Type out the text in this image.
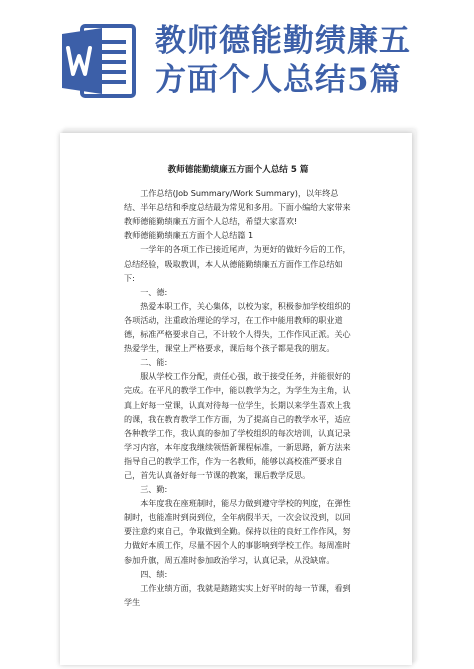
教师德能勤绩廉五
方面个人总结5篇
教师德能勤绩廉五方面个人总结 5 篇
工作总结(Job Summary/Work Summary)，以年终总结、半年总结和季度总结最为常见和多用。下面小编给大家带来教师德能勤绩廉五方面个人总结，希望大家喜欢!
教师德能勤绩廉五方面个人总结篇 1
一学年的各项工作已接近尾声，为更好的做好今后的工作，总结经验，吸取教训，本人从德能勤绩廉五方面作工作总结如下:
一、德:
热爱本职工作，关心集体，以校为家，积极参加学校组织的各项活动，注重政治理论的学习，在工作中能用教师的职业道德，标准严格要求自己，不计较个人得失，工作作风正派。关心热爱学生，课堂上严格要求，课后每个孩子都是我的朋友。
二、能:
服从学校工作分配，责任心强，敢于接受任务，并能很好的完成。在平凡的教学工作中，能以教学为之，为学生为主角，认真上好每一堂课，认真对待每一位学生，长期以来学生喜欢上我的课，我在教育教学工作方面，为了提高自己的教学水平，适应各种教学工作，我认真的参加了学校组织的每次培训，认真记录学习内容，本年度我继续领悟新课程标准，一新思路，新方法来指导自己的教学工作，作为一名教师，能够以高校准严要求自己，首先认真备好每一节课的教案，课后教学反思。
三、勤:
本年度我在座班制时，能尽力做到遵守学校的判度，在弹性制时，也能准时到岗到位，全年病假半天，一次会议没到，以回要注意约束自己，争取做到全勤。保持以往的良好工作作风，努力做好本质工作，尽量不因个人的事影响到学校工作。每周准时参加升旗，周五准时参加政治学习，认真记录，从没缺席。
四、绩:
工作业绩方面，我就是踏踏实实上好平时的每一节课，看到学生
